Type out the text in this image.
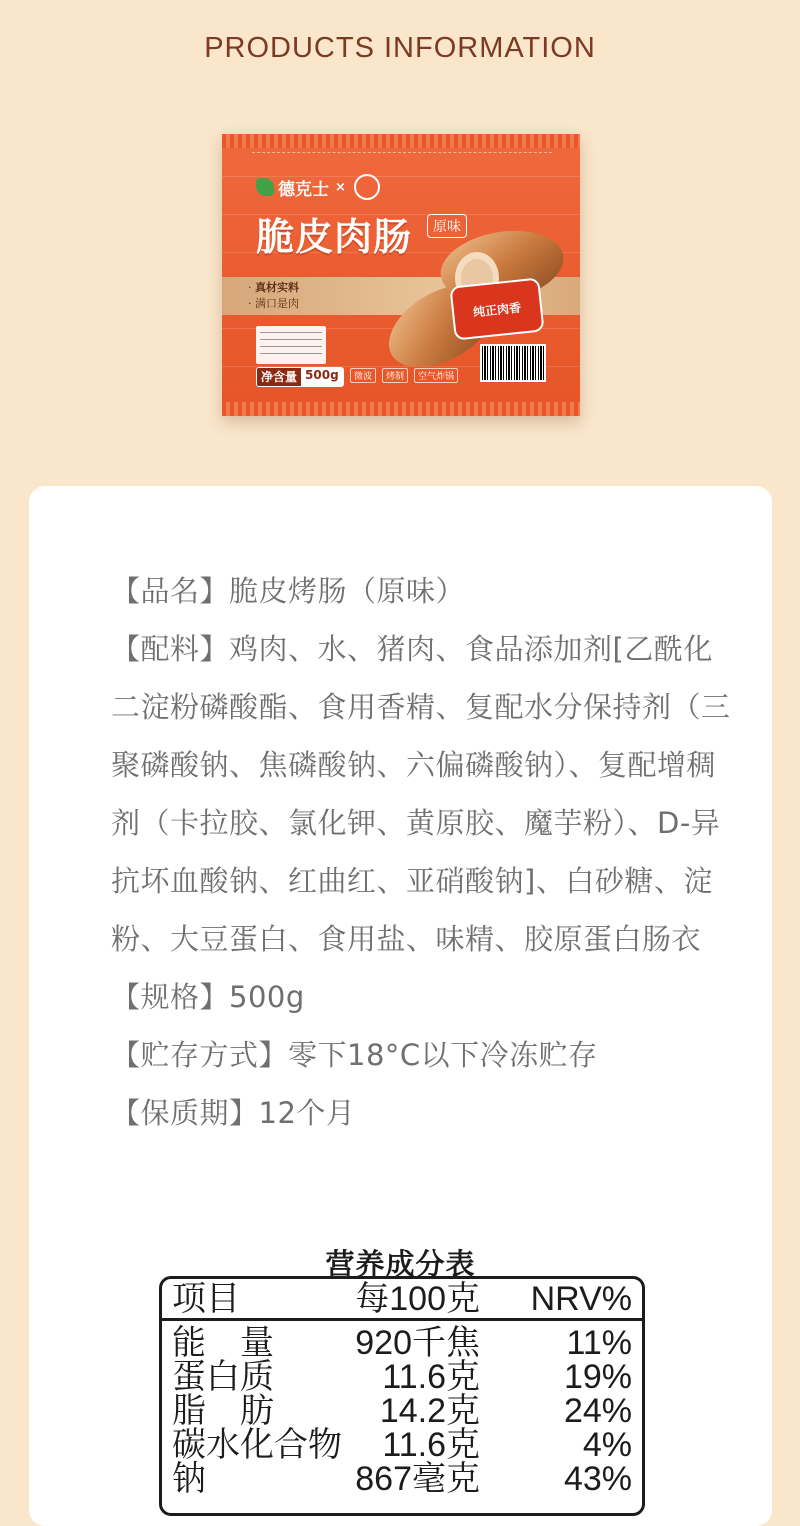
PRODUCTS INFORMATION
德克士 ×
脆皮肉肠	原味
· 真材实料
· 满口是肉	纯正肉香
净含量 500g	微波	烤制	空气炸锅

【品名】脆皮烤肠（原味）

【配料】鸡肉、水、猪肉、食品添加剂[乙酰化二淀粉磷酸酯、食用香精、复配水分保持剂（三聚磷酸钠、焦磷酸钠、六偏磷酸钠）、复配增稠剂（卡拉胶、氯化钾、黄原胶、魔芋粉）、D-异抗坏血酸钠、红曲红、亚硝酸钠]、白砂糖、淀粉、大豆蛋白、食用盐、味精、胶原蛋白肠衣

【规格】500g

【贮存方式】零下18°C以下冷冻贮存

【保质期】12个月

营养成分表
项目	每100克 NRV%
能　量 920千焦	11%
蛋白质	11.6克 19%
脂　肪	14.2克 24%
碳水化合物 11.6克	4%
钠	867毫克 43%
